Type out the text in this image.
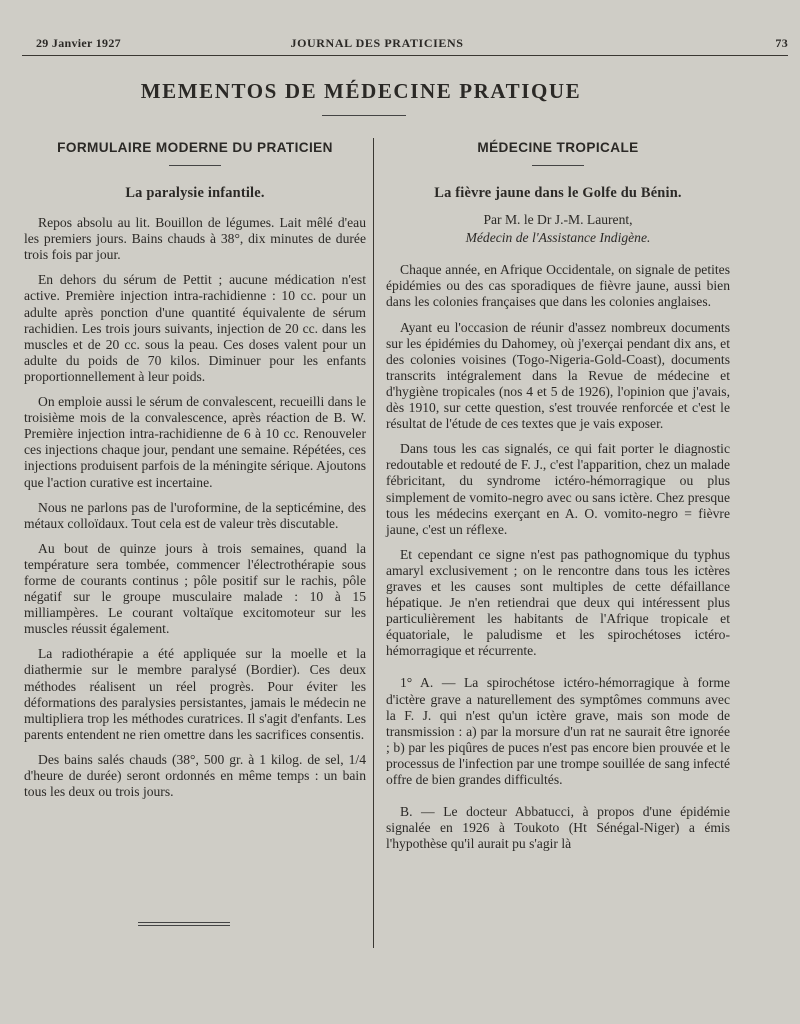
29 Janvier 1927	JOURNAL DES PRATICIENS	73
MEMENTOS DE MÉDECINE PRATIQUE
FORMULAIRE MODERNE DU PRATICIEN
La paralysie infantile.

Repos absolu au lit. Bouillon de légumes. Lait mêlé d'eau les premiers jours. Bains chauds à 38°, dix minutes de durée trois fois par jour.

En dehors du sérum de Pettit ; aucune médication n'est active. Première injection intra-rachidienne : 10 cc. pour un adulte après ponction d'une quantité équivalente de sérum rachidien. Les trois jours suivants, injection de 20 cc. dans les muscles et de 20 cc. sous la peau. Ces doses valent pour un adulte du poids de 70 kilos. Diminuer pour les enfants proportionnellement à leur poids.

On emploie aussi le sérum de convalescent, recueilli dans le troisième mois de la convalescence, après réaction de B. W. Première injection intra-rachidienne de 6 à 10 cc. Renouveler ces injections chaque jour, pendant une semaine. Répétées, ces injections produisent parfois de la méningite sérique. Ajoutons que l'action curative est incertaine.

Nous ne parlons pas de l'uroformine, de la septicémine, des métaux colloïdaux. Tout cela est de valeur très discutable.

Au bout de quinze jours à trois semaines, quand la température sera tombée, commencer l'électrothérapie sous forme de courants continus ; pôle positif sur le rachis, pôle négatif sur le groupe musculaire malade : 10 à 15 milliampères. Le courant voltaïque excitomoteur sur les muscles réussit également.

La radiothérapie a été appliquée sur la moelle et la diathermie sur le membre paralysé (Bordier). Ces deux méthodes réalisent un réel progrès. Pour éviter les déformations des paralysies persistantes, jamais le médecin ne multipliera trop les méthodes curatrices. Il s'agit d'enfants. Les parents entendent ne rien omettre dans les sacrifices consentis.

Des bains salés chauds (38°, 500 gr. à 1 kilog. de sel, 1/4 d'heure de durée) seront ordonnés en même temps : un bain tous les deux ou trois jours.

MÉDECINE TROPICALE
La fièvre jaune dans le Golfe du Bénin.
Par M. le Dr J.-M. Laurent,
Médecin de l'Assistance Indigène.

Chaque année, en Afrique Occidentale, on signale de petites épidémies ou des cas sporadiques de fièvre jaune, aussi bien dans les colonies françaises que dans les colonies anglaises.

Ayant eu l'occasion de réunir d'assez nombreux documents sur les épidémies du Dahomey, où j'exerçai pendant dix ans, et des colonies voisines (Togo-Nigeria-Gold-Coast), documents transcrits intégralement dans la Revue de médecine et d'hygiène tropicales (nos 4 et 5 de 1926), l'opinion que j'avais, dès 1910, sur cette question, s'est trouvée renforcée et c'est le résultat de l'étude de ces textes que je vais exposer.

Dans tous les cas signalés, ce qui fait porter le diagnostic redoutable et redouté de F. J., c'est l'apparition, chez un malade fébricitant, du syndrome ictéro-hémorragique ou plus simplement de vomito-negro avec ou sans ictère. Chez presque tous les médecins exerçant en A. O. vomito-negro = fièvre jaune, c'est un réflexe.

Et cependant ce signe n'est pas pathognomique du typhus amaryl exclusivement ; on le rencontre dans tous les ictères graves et les causes sont multiples de cette défaillance hépatique. Je n'en retiendrai que deux qui intéressent plus particulièrement les habitants de l'Afrique tropicale et équatoriale, le paludisme et les spirochétoses ictéro-hémorragique et récurrente.

1° A. — La spirochétose ictéro-hémorragique à forme d'ictère grave a naturellement des symptômes communs avec la F. J. qui n'est qu'un ictère grave, mais son mode de transmission : a) par la morsure d'un rat ne saurait être ignorée ; b) par les piqûres de puces n'est pas encore bien prouvée et le processus de l'infection par une trompe souillée de sang infecté offre de bien grandes difficultés.

B. — Le docteur Abbatucci, à propos d'une épidémie signalée en 1926 à Toukoto (Ht Sénégal-Niger) a émis l'hypothèse qu'il aurait pu s'agir là
